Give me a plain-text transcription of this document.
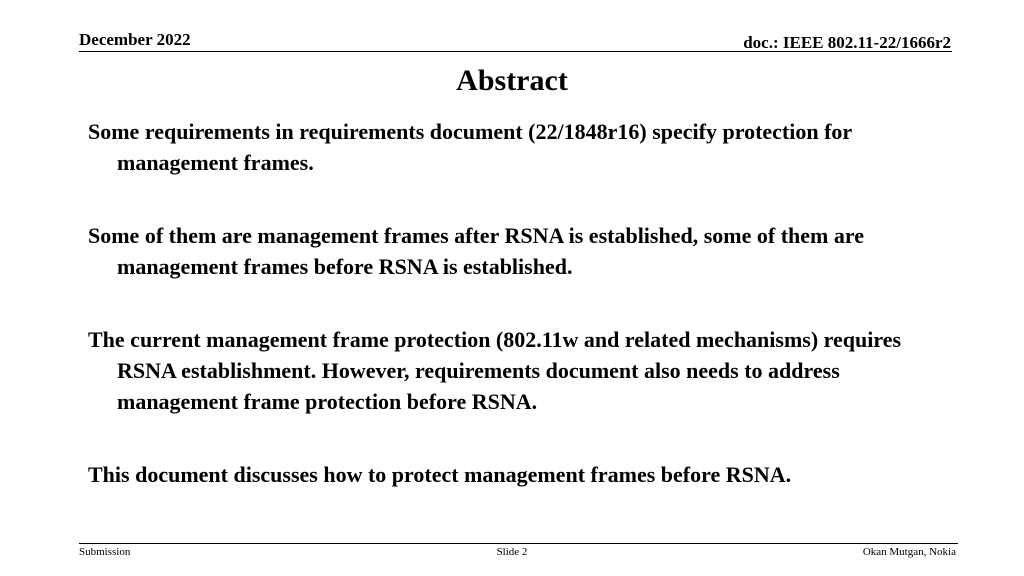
December 2022	doc.: IEEE 802.11-22/1666r2
Abstract

Some requirements in requirements document (22/1848r16) specify protection for management frames.

Some of them are management frames after RSNA is established, some of them are management frames before RSNA is established.

The current management frame protection (802.11w and related mechanisms) requires RSNA establishment. However, requirements document also needs to address management frame protection before RSNA.

This document discusses how to protect management frames before RSNA.

Submission	Slide 2	Okan Mutgan, Nokia
